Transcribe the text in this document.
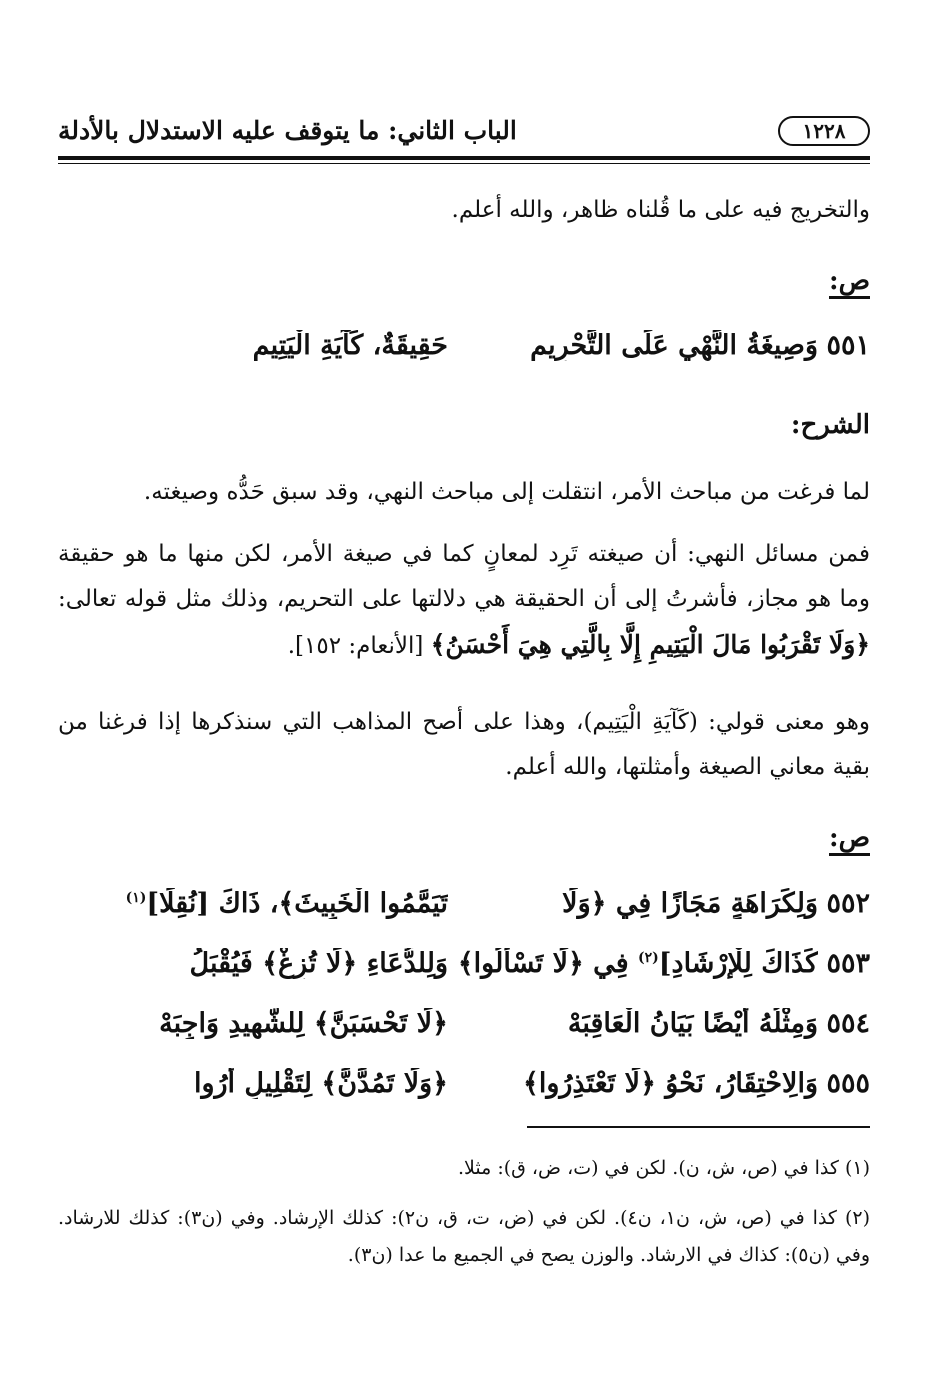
١٢٢٨
الباب الثاني: ما يتوقف عليه الاستدلال بالأدلة
والتخريج فيه على ما قُلناه ظاهر، والله أعلم.
ص:
٥٥١
وَصِيغَةُ النَّهْيِ عَلَى التَّحْرِيمِ
حَقِيقَةٌ، كَآيَةِ الْيَتِيمِ
الشرح:
لما فرغت من مباحث الأمر، انتقلت إلى مباحث النهي، وقد سبق حَدُّه وصيغته.
فمن مسائل النهي: أن صيغته تَرِد لمعانٍ كما في صيغة الأمر، لكن منها ما هو حقيقة وما هو مجاز، فأشرتُ إلى أن الحقيقة هي دلالتها على التحريم، وذلك مثل قوله تعالى: ﴿وَلَا تَقْرَبُوا مَالَ الْيَتِيمِ إِلَّا بِالَّتِي هِيَ أَحْسَنُ﴾ [الأنعام: ١٥٢].
وهو معنى قولي: (كَآيَةِ الْيَتِيم)، وهذا على أصح المذاهب التي سنذكرها إذا فرغنا من بقية معاني الصيغة وأمثلتها، والله أعلم.
ص:
٥٥٢
وَلِكَرَاهَةٍ مَجَازًا فِي ﴿وَلَا
تَيَمَّمُوا الْخَبِيثَ﴾، ذَاكَ [نُقِلَا]$^{(١)}$
٥٥٣
كَذَاكَ لِلْإِرْشَادِ]$^{(٢)}$ فِي ﴿لَا تَسْأَلُوا﴾
وَلِلدُّعَاءِ ﴿لَا تُزِغْ﴾ فَيُقْبَلُ
٥٥٤
وَمِثْلُهُ أَيْضًا بَيَانُ الْعَاقِبَهْ
﴿لَا تَحْسَبَنَّ﴾ لِلشَّهِيدِ وَاجِبَهْ
٥٥٥
وَالِاحْتِقَارُ، نَحْوُ ﴿لَا تَعْتَذِرُوا﴾
﴿وَلَا تَمُدَّنَّ﴾ لِتَقْلِيلٍ أُرُوا
(١) كذا في (ص، ش، ن). لكن في (ت، ض، ق): مثلا.
(٢) كذا في (ص، ش، ن١، ن٤). لكن في (ض، ت، ق، ن٢): كذلك الإرشاد. وفي (ن٣): كذلك للارشاد. وفي (ن٥): كذاك في الارشاد. والوزن يصح في الجميع ما عدا (ن٣).
